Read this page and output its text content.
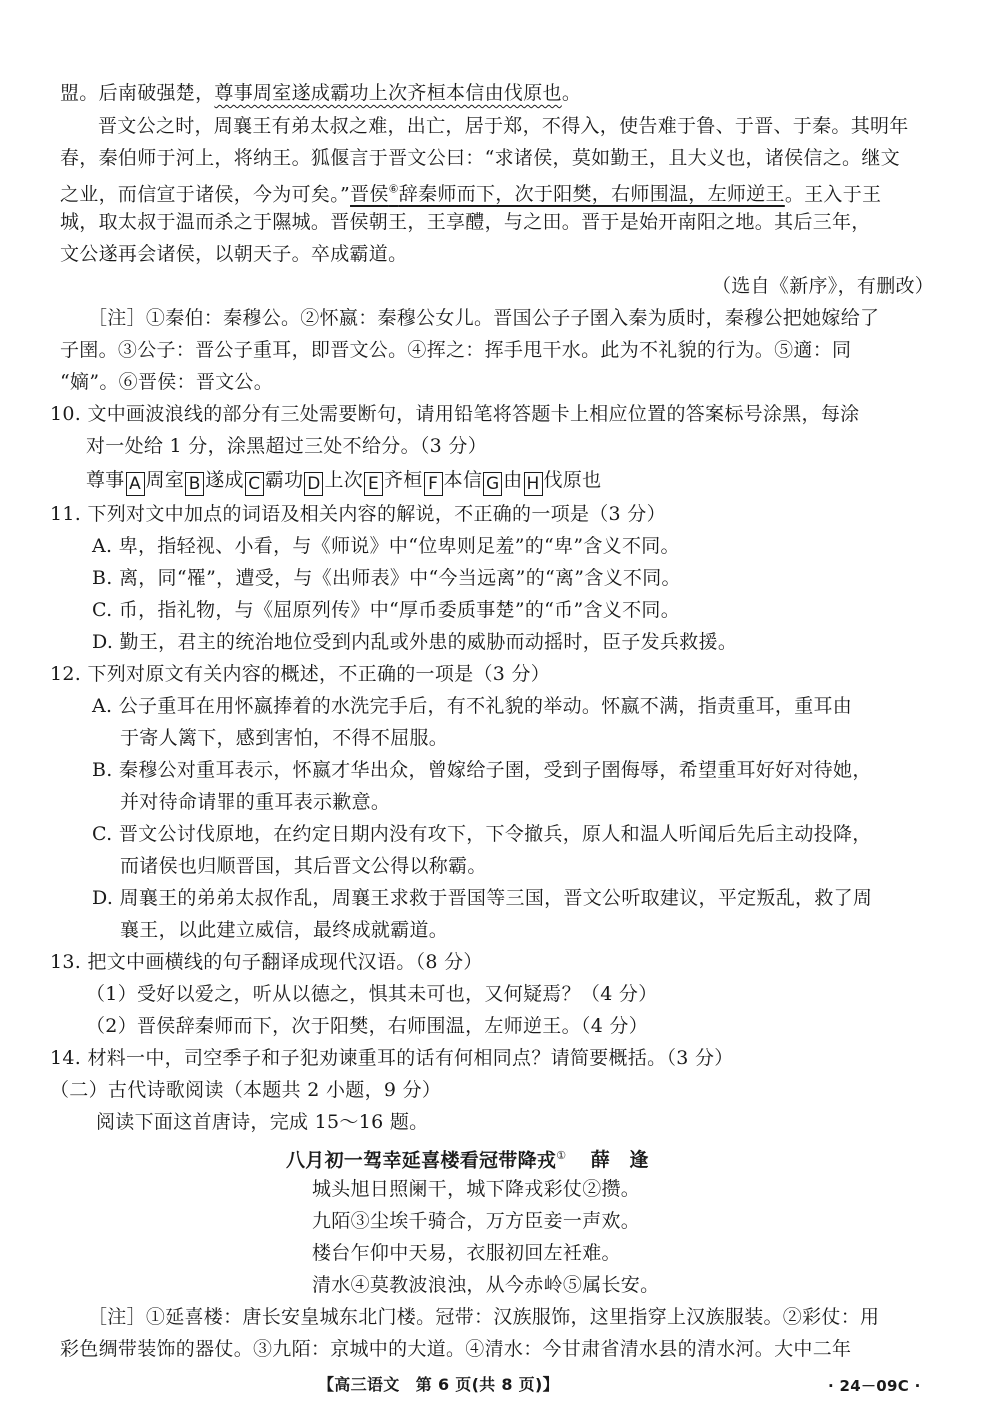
盟。后南破强楚，尊事周室遂成霸功上次齐桓本信由伐原也。
晋文公之时，周襄王有弟太叔之难，出亡，居于郑，不得入，使告难于鲁、于晋、于秦。其明年
春，秦伯师于河上，将纳王。狐偃言于晋文公曰：“求诸侯，莫如勤王，且大义也，诸侯信之。继文
之业，而信宣于诸侯，今为可矣。”晋侯⑥辞秦师而下，次于阳樊，右师围温，左师逆王。王入于王
城，取太叔于温而杀之于隰城。晋侯朝王，王享醴，与之田。晋于是始开南阳之地。其后三年，
文公遂再会诸侯，以朝天子。卒成霸道。
（选自《新序》，有删改）
［注］①秦伯：秦穆公。②怀嬴：秦穆公女儿。晋国公子子圉入秦为质时，秦穆公把她嫁给了
子圉。③公子：晋公子重耳，即晋文公。④挥之：挥手甩干水。此为不礼貌的行为。⑤適：同
“嫡”。⑥晋侯：晋文公。
10. 文中画波浪线的部分有三处需要断句，请用铅笔将答题卡上相应位置的答案标号涂黑，每涂
对一处给 1 分，涂黑超过三处不给分。（3 分）
尊事 A 周室 B 遂成 C 霸功 D 上次 E 齐桓 F 本信 G 由 H 伐原也
11. 下列对文中加点的词语及相关内容的解说，不正确的一项是（3 分）
A. 卑，指轻视、小看，与《师说》中“位卑则足羞”的“卑”含义不同。
B. 离，同“罹”，遭受，与《出师表》中“今当远离”的“离”含义不同。
C. 币，指礼物，与《屈原列传》中“厚币委质事楚”的“币”含义不同。
D. 勤王，君主的统治地位受到内乱或外患的威胁而动摇时，臣子发兵救援。
12. 下列对原文有关内容的概述，不正确的一项是（3 分）
A. 公子重耳在用怀嬴捧着的水洗完手后，有不礼貌的举动。怀嬴不满，指责重耳，重耳由
于寄人篱下，感到害怕，不得不屈服。
B. 秦穆公对重耳表示，怀嬴才华出众，曾嫁给子圉，受到子圉侮辱，希望重耳好好对待她，
并对待命请罪的重耳表示歉意。
C. 晋文公讨伐原地，在约定日期内没有攻下，下令撤兵，原人和温人听闻后先后主动投降，
而诸侯也归顺晋国，其后晋文公得以称霸。
D. 周襄王的弟弟太叔作乱，周襄王求救于晋国等三国，晋文公听取建议，平定叛乱，救了周
襄王，以此建立威信，最终成就霸道。
13. 把文中画横线的句子翻译成现代汉语。（8 分）
（1）受好以爱之，听从以德之，惧其未可也，又何疑焉？（4 分）
（2）晋侯辞秦师而下，次于阳樊，右师围温，左师逆王。（4 分）
14. 材料一中，司空季子和子犯劝谏重耳的话有何相同点？请简要概括。（3 分）
（二）古代诗歌阅读（本题共 2 小题，9 分）
阅读下面这首唐诗，完成 15～16 题。
八月初一驾幸延喜楼看冠带降戎① 薛　逢
城头旭日照阑干，城下降戎彩仗②攒。
九陌③尘埃千骑合，万方臣妾一声欢。
楼台乍仰中天易，衣服初回左衽难。
清水④莫教波浪浊，从今赤岭⑤属长安。
［注］①延喜楼：唐长安皇城东北门楼。冠带：汉族服饰，这里指穿上汉族服装。②彩仗：用
彩色绸带装饰的器仗。③九陌：京城中的大道。④清水：今甘肃省清水县的清水河。大中二年
【高三语文　第 6 页(共 8 页)】	· 24－09C ·
